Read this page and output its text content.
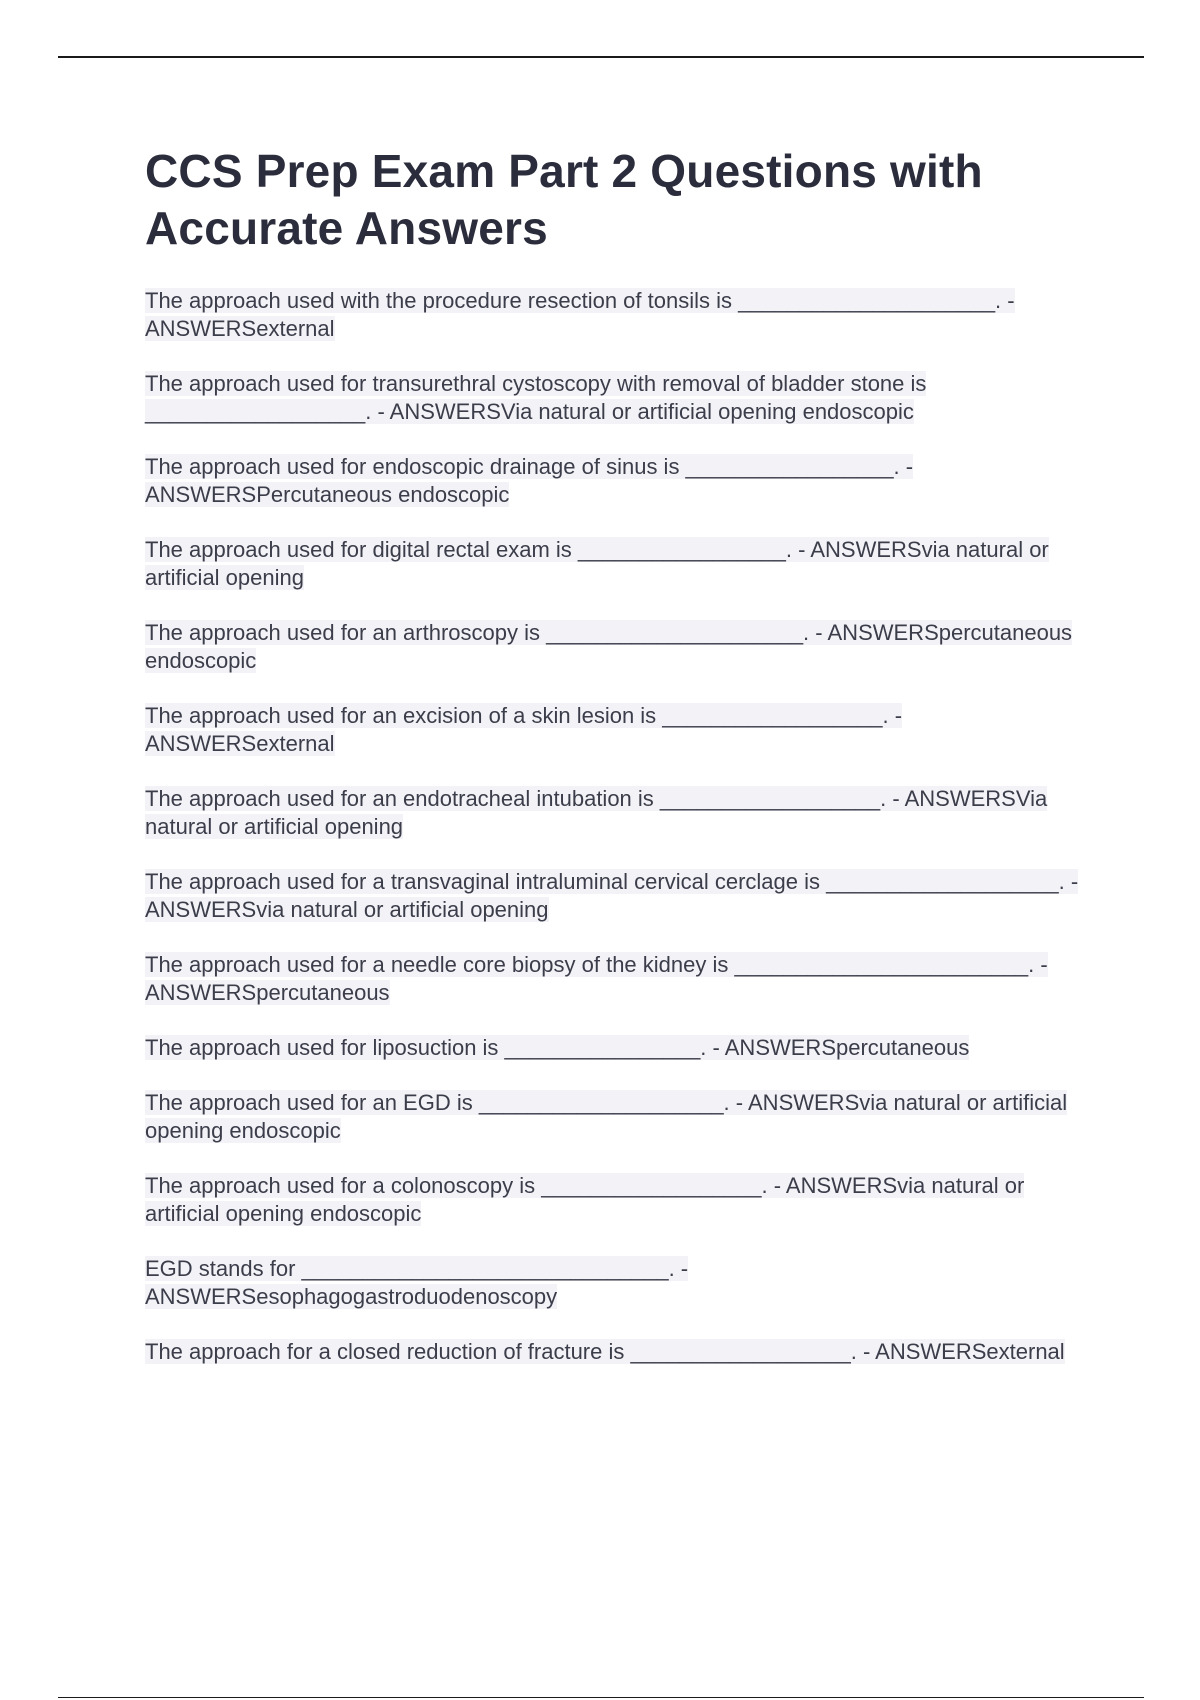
CCS Prep Exam Part 2 Questions with Accurate Answers

The approach used with the procedure resection of tonsils is _____________________. - ANSWERSexternal

The approach used for transurethral cystoscopy with removal of bladder stone is __________________. - ANSWERSVia natural or artificial opening endoscopic

The approach used for endoscopic drainage of sinus is _________________. - ANSWERSPercutaneous endoscopic

The approach used for digital rectal exam is _________________. - ANSWERSvia natural or artificial opening

The approach used for an arthroscopy is _____________________. - ANSWERSpercutaneous endoscopic

The approach used for an excision of a skin lesion is __________________. - ANSWERSexternal

The approach used for an endotracheal intubation is __________________. - ANSWERSVia natural or artificial opening

The approach used for a transvaginal intraluminal cervical cerclage is ___________________. - ANSWERSvia natural or artificial opening

The approach used for a needle core biopsy of the kidney is ________________________. - ANSWERSpercutaneous

The approach used for liposuction is ________________. - ANSWERSpercutaneous

The approach used for an EGD is ____________________. - ANSWERSvia natural or artificial opening endoscopic

The approach used for a colonoscopy is __________________. - ANSWERSvia natural or artificial opening endoscopic

EGD stands for ______________________________. - ANSWERSesophagogastroduodenoscopy

The approach for a closed reduction of fracture is __________________. - ANSWERSexternal
